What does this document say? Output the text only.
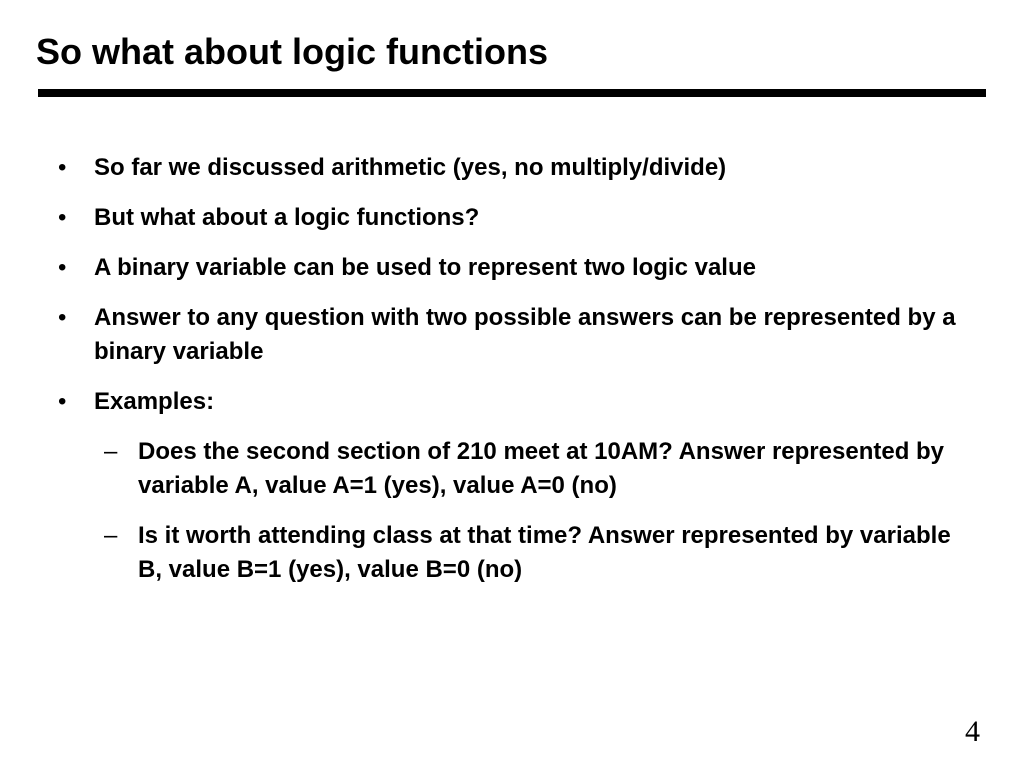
So what about logic functions
• So far we discussed arithmetic (yes, no multiply/divide)
• But what about a logic functions?
• A binary variable can be used to represent two logic value
• Answer to any question with two possible answers can be represented by a binary variable
• Examples:
– Does the second section of 210 meet at 10AM? Answer represented by variable A, value A=1 (yes), value A=0 (no)
– Is it worth attending class at that time? Answer represented by variable B, value B=1 (yes), value B=0 (no)
4
